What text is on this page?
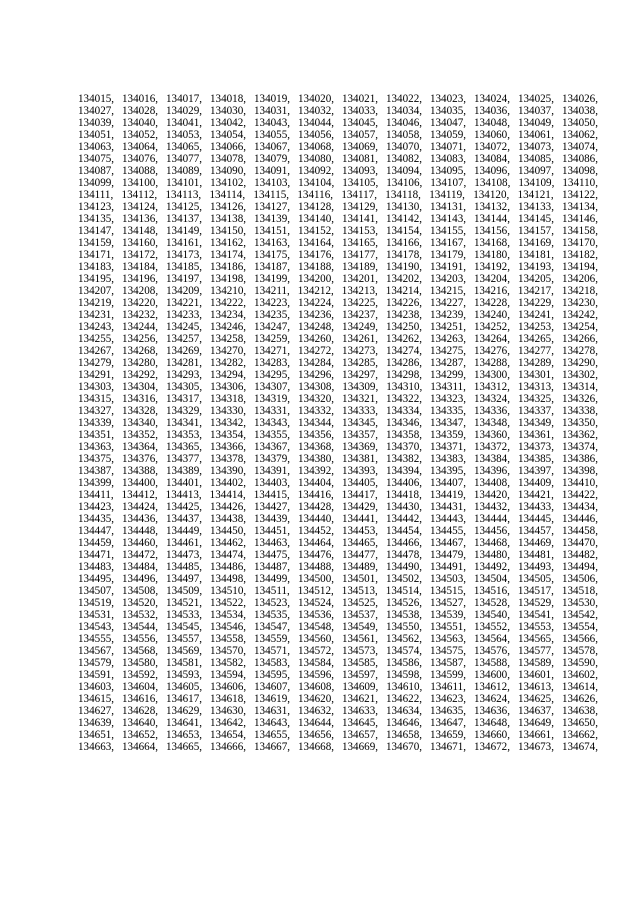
134015, 134016, 134017, 134018, 134019, 134020, 134021, 134022, 134023, 134024, 134025, 134026,
134027, 134028, 134029, 134030, 134031, 134032, 134033, 134034, 134035, 134036, 134037, 134038,
134039, 134040, 134041, 134042, 134043, 134044, 134045, 134046, 134047, 134048, 134049, 134050,
134051, 134052, 134053, 134054, 134055, 134056, 134057, 134058, 134059, 134060, 134061, 134062,
134063, 134064, 134065, 134066, 134067, 134068, 134069, 134070, 134071, 134072, 134073, 134074,
134075, 134076, 134077, 134078, 134079, 134080, 134081, 134082, 134083, 134084, 134085, 134086,
134087, 134088, 134089, 134090, 134091, 134092, 134093, 134094, 134095, 134096, 134097, 134098,
134099, 134100, 134101, 134102, 134103, 134104, 134105, 134106, 134107, 134108, 134109, 134110,
134111, 134112, 134113, 134114, 134115, 134116, 134117, 134118, 134119, 134120, 134121, 134122,
134123, 134124, 134125, 134126, 134127, 134128, 134129, 134130, 134131, 134132, 134133, 134134,
134135, 134136, 134137, 134138, 134139, 134140, 134141, 134142, 134143, 134144, 134145, 134146,
134147, 134148, 134149, 134150, 134151, 134152, 134153, 134154, 134155, 134156, 134157, 134158,
134159, 134160, 134161, 134162, 134163, 134164, 134165, 134166, 134167, 134168, 134169, 134170,
134171, 134172, 134173, 134174, 134175, 134176, 134177, 134178, 134179, 134180, 134181, 134182,
134183, 134184, 134185, 134186, 134187, 134188, 134189, 134190, 134191, 134192, 134193, 134194,
134195, 134196, 134197, 134198, 134199, 134200, 134201, 134202, 134203, 134204, 134205, 134206,
134207, 134208, 134209, 134210, 134211, 134212, 134213, 134214, 134215, 134216, 134217, 134218,
134219, 134220, 134221, 134222, 134223, 134224, 134225, 134226, 134227, 134228, 134229, 134230,
134231, 134232, 134233, 134234, 134235, 134236, 134237, 134238, 134239, 134240, 134241, 134242,
134243, 134244, 134245, 134246, 134247, 134248, 134249, 134250, 134251, 134252, 134253, 134254,
134255, 134256, 134257, 134258, 134259, 134260, 134261, 134262, 134263, 134264, 134265, 134266,
134267, 134268, 134269, 134270, 134271, 134272, 134273, 134274, 134275, 134276, 134277, 134278,
134279, 134280, 134281, 134282, 134283, 134284, 134285, 134286, 134287, 134288, 134289, 134290,
134291, 134292, 134293, 134294, 134295, 134296, 134297, 134298, 134299, 134300, 134301, 134302,
134303, 134304, 134305, 134306, 134307, 134308, 134309, 134310, 134311, 134312, 134313, 134314,
134315, 134316, 134317, 134318, 134319, 134320, 134321, 134322, 134323, 134324, 134325, 134326,
134327, 134328, 134329, 134330, 134331, 134332, 134333, 134334, 134335, 134336, 134337, 134338,
134339, 134340, 134341, 134342, 134343, 134344, 134345, 134346, 134347, 134348, 134349, 134350,
134351, 134352, 134353, 134354, 134355, 134356, 134357, 134358, 134359, 134360, 134361, 134362,
134363, 134364, 134365, 134366, 134367, 134368, 134369, 134370, 134371, 134372, 134373, 134374,
134375, 134376, 134377, 134378, 134379, 134380, 134381, 134382, 134383, 134384, 134385, 134386,
134387, 134388, 134389, 134390, 134391, 134392, 134393, 134394, 134395, 134396, 134397, 134398,
134399, 134400, 134401, 134402, 134403, 134404, 134405, 134406, 134407, 134408, 134409, 134410,
134411, 134412, 134413, 134414, 134415, 134416, 134417, 134418, 134419, 134420, 134421, 134422,
134423, 134424, 134425, 134426, 134427, 134428, 134429, 134430, 134431, 134432, 134433, 134434,
134435, 134436, 134437, 134438, 134439, 134440, 134441, 134442, 134443, 134444, 134445, 134446,
134447, 134448, 134449, 134450, 134451, 134452, 134453, 134454, 134455, 134456, 134457, 134458,
134459, 134460, 134461, 134462, 134463, 134464, 134465, 134466, 134467, 134468, 134469, 134470,
134471, 134472, 134473, 134474, 134475, 134476, 134477, 134478, 134479, 134480, 134481, 134482,
134483, 134484, 134485, 134486, 134487, 134488, 134489, 134490, 134491, 134492, 134493, 134494,
134495, 134496, 134497, 134498, 134499, 134500, 134501, 134502, 134503, 134504, 134505, 134506,
134507, 134508, 134509, 134510, 134511, 134512, 134513, 134514, 134515, 134516, 134517, 134518,
134519, 134520, 134521, 134522, 134523, 134524, 134525, 134526, 134527, 134528, 134529, 134530,
134531, 134532, 134533, 134534, 134535, 134536, 134537, 134538, 134539, 134540, 134541, 134542,
134543, 134544, 134545, 134546, 134547, 134548, 134549, 134550, 134551, 134552, 134553, 134554,
134555, 134556, 134557, 134558, 134559, 134560, 134561, 134562, 134563, 134564, 134565, 134566,
134567, 134568, 134569, 134570, 134571, 134572, 134573, 134574, 134575, 134576, 134577, 134578,
134579, 134580, 134581, 134582, 134583, 134584, 134585, 134586, 134587, 134588, 134589, 134590,
134591, 134592, 134593, 134594, 134595, 134596, 134597, 134598, 134599, 134600, 134601, 134602,
134603, 134604, 134605, 134606, 134607, 134608, 134609, 134610, 134611, 134612, 134613, 134614,
134615, 134616, 134617, 134618, 134619, 134620, 134621, 134622, 134623, 134624, 134625, 134626,
134627, 134628, 134629, 134630, 134631, 134632, 134633, 134634, 134635, 134636, 134637, 134638,
134639, 134640, 134641, 134642, 134643, 134644, 134645, 134646, 134647, 134648, 134649, 134650,
134651, 134652, 134653, 134654, 134655, 134656, 134657, 134658, 134659, 134660, 134661, 134662,
134663, 134664, 134665, 134666, 134667, 134668, 134669, 134670, 134671, 134672, 134673, 134674,
